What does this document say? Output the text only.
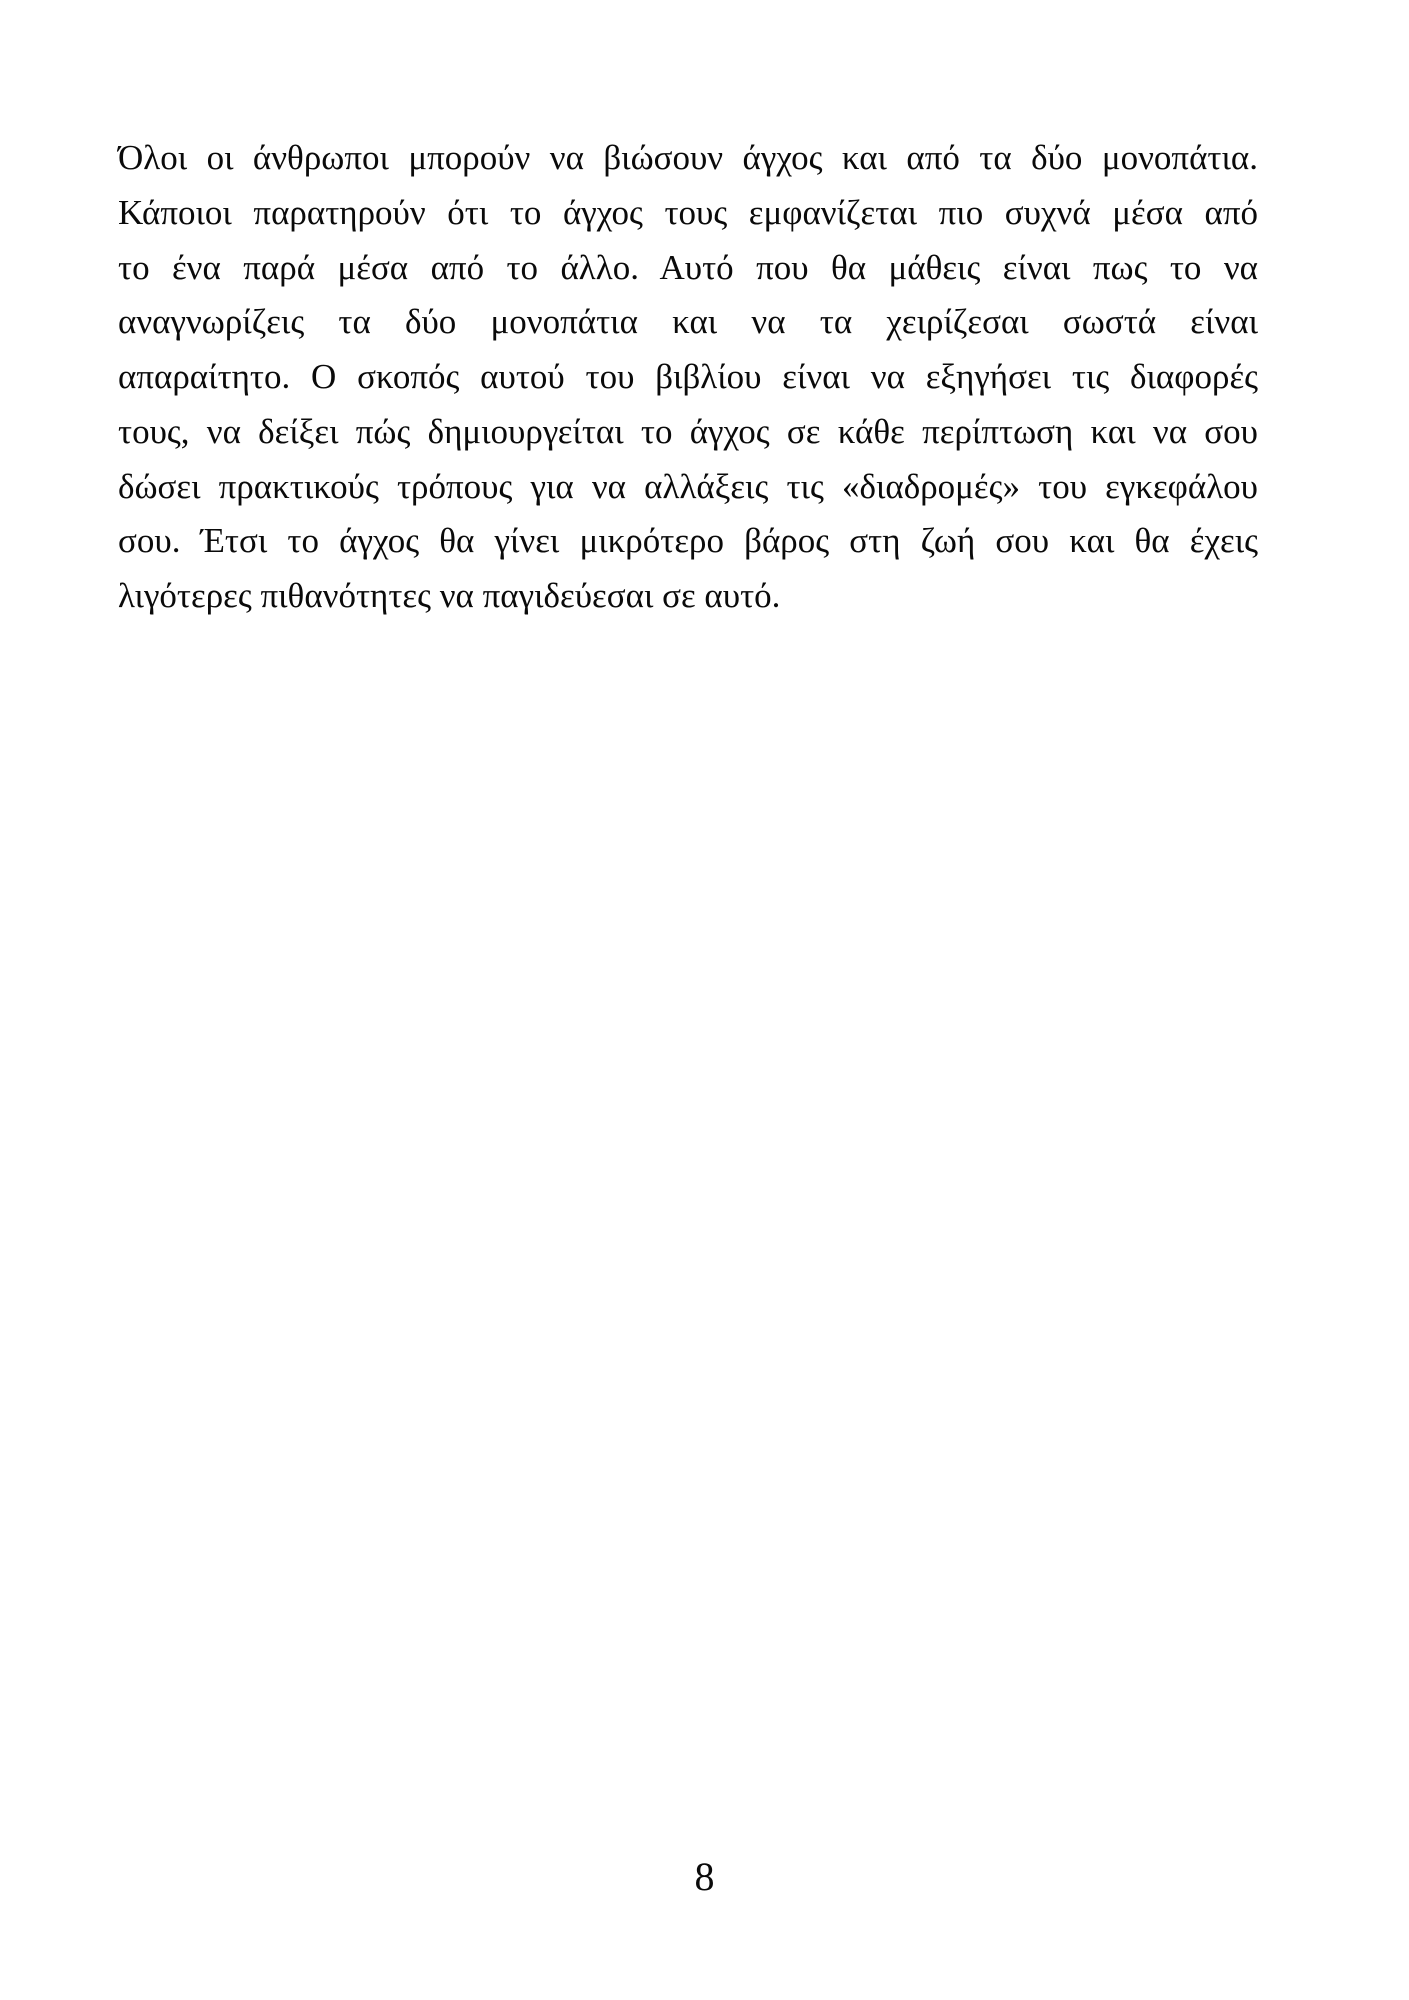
Όλοι οι άνθρωποι μπορούν να βιώσουν άγχος και από τα δύο μονοπάτια.
Κάποιοι παρατηρούν ότι το άγχος τους εμφανίζεται πιο συχνά μέσα από
το ένα παρά μέσα από το άλλο. Αυτό που θα μάθεις είναι πως το να
αναγνωρίζεις τα δύο μονοπάτια και να τα χειρίζεσαι σωστά είναι
απαραίτητο. Ο σκοπός αυτού του βιβλίου είναι να εξηγήσει τις διαφορές
τους, να δείξει πώς δημιουργείται το άγχος σε κάθε περίπτωση και να σου
δώσει πρακτικούς τρόπους για να αλλάξεις τις «διαδρομές» του εγκεφάλου
σου. Έτσι το άγχος θα γίνει μικρότερο βάρος στη ζωή σου και θα έχεις
λιγότερες πιθανότητες να παγιδεύεσαι σε αυτό.
8
